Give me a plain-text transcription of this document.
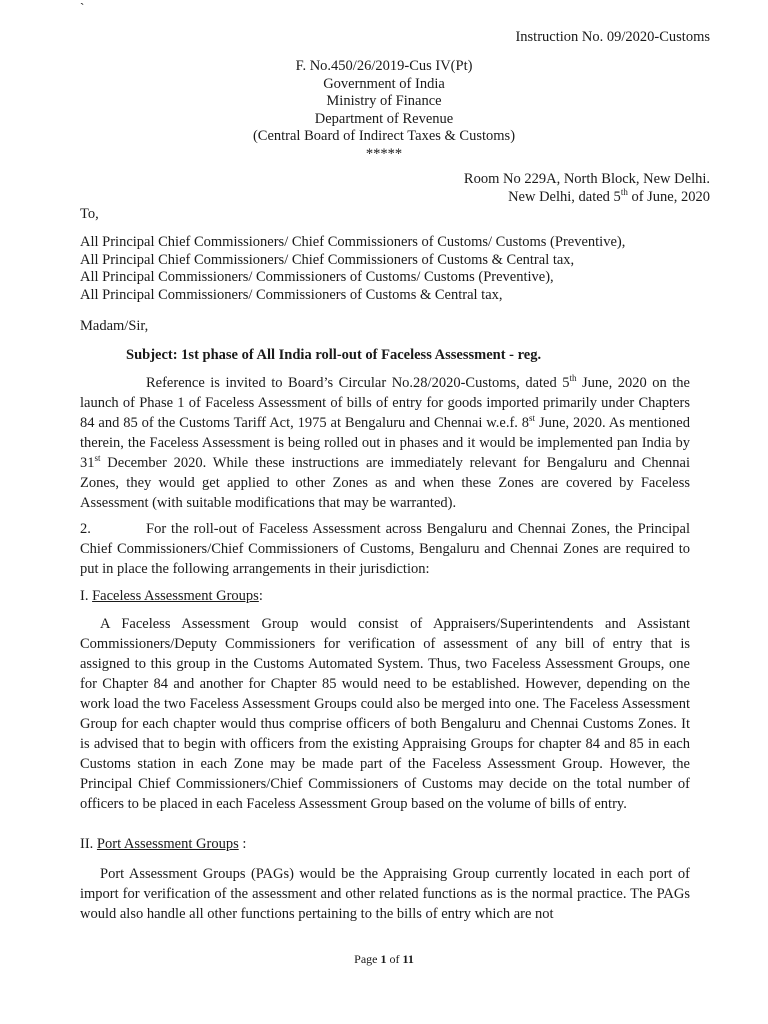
`
Instruction No. 09/2020-Customs
F. No.450/26/2019-Cus IV(Pt)
Government of India
Ministry of Finance
Department of Revenue
(Central Board of Indirect Taxes & Customs)
*****
Room No 229A, North Block, New Delhi.
New Delhi, dated 5th of June, 2020
To,
All Principal Chief Commissioners/ Chief Commissioners of Customs/ Customs (Preventive),
All Principal Chief Commissioners/ Chief Commissioners of Customs & Central tax,
All Principal Commissioners/ Commissioners of Customs/ Customs (Preventive),
All Principal Commissioners/ Commissioners of Customs & Central tax,
Madam/Sir,
Subject: 1st phase of All India roll-out of Faceless Assessment - reg.
Reference is invited to Board’s Circular No.28/2020-Customs, dated 5th June, 2020 on the launch of Phase 1 of Faceless Assessment of bills of entry for goods imported primarily under Chapters 84 and 85 of the Customs Tariff Act, 1975 at Bengaluru and Chennai w.e.f. 8st June, 2020. As mentioned therein, the Faceless Assessment is being rolled out in phases and it would be implemented pan India by 31st December 2020. While these instructions are immediately relevant for Bengaluru and Chennai Zones, they would get applied to other Zones as and when these Zones are covered by Faceless Assessment (with suitable modifications that may be warranted).
2.	For the roll-out of Faceless Assessment across Bengaluru and Chennai Zones, the Principal Chief Commissioners/Chief Commissioners of Customs, Bengaluru and Chennai Zones are required to put in place the following arrangements in their jurisdiction:
I. Faceless Assessment Groups:
A Faceless Assessment Group would consist of Appraisers/Superintendents and Assistant Commissioners/Deputy Commissioners for verification of assessment of any bill of entry that is assigned to this group in the Customs Automated System. Thus, two Faceless Assessment Groups, one for Chapter 84 and another for Chapter 85 would need to be established. However, depending on the work load the two Faceless Assessment Groups could also be merged into one. The Faceless Assessment Group for each chapter would thus comprise officers of both Bengaluru and Chennai Customs Zones. It is advised that to begin with officers from the existing Appraising Groups for chapter 84 and 85 in each Customs station in each Zone may be made part of the Faceless Assessment Group. However, the Principal Chief Commissioners/Chief Commissioners of Customs may decide on the total number of officers to be placed in each Faceless Assessment Group based on the volume of bills of entry.
II. Port Assessment Groups :
Port Assessment Groups (PAGs) would be the Appraising Group currently located in each port of import for verification of the assessment and other related functions as is the normal practice. The PAGs would also handle all other functions pertaining to the bills of entry which are not
Page 1 of 11
